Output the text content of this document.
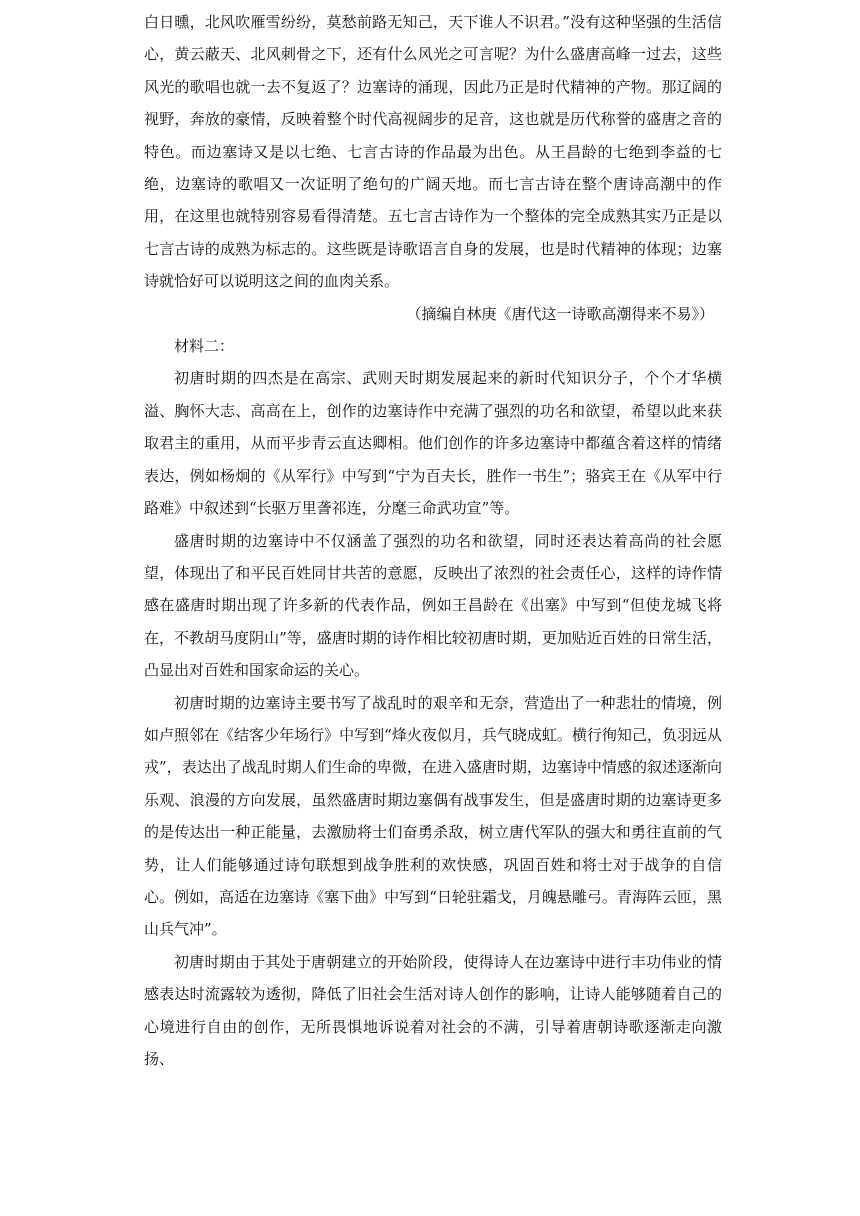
白日曛，北风吹雁雪纷纷，莫愁前路无知己，天下谁人不识君。”没有这种坚强的生活信心，黄云蔽天、北风刺骨之下，还有什么风光之可言呢？为什么盛唐高峰一过去，这些风光的歌唱也就一去不复返了？边塞诗的涌现，因此乃正是时代精神的产物。那辽阔的视野，奔放的豪情，反映着整个时代高视阔步的足音，这也就是历代称誉的盛唐之音的特色。而边塞诗又是以七绝、七言古诗的作品最为出色。从王昌龄的七绝到李益的七绝，边塞诗的歌唱又一次证明了绝句的广阔天地。而七言古诗在整个唐诗高潮中的作用，在这里也就特别容易看得清楚。五七言古诗作为一个整体的完全成熟其实乃正是以七言古诗的成熟为标志的。这些既是诗歌语言自身的发展，也是时代精神的体现；边塞诗就恰好可以说明这之间的血肉关系。

（摘编自林庚《唐代这一诗歌高潮得来不易》）

材料二：

初唐时期的四杰是在高宗、武则天时期发展起来的新时代知识分子，个个才华横溢、胸怀大志、高高在上，创作的边塞诗作中充满了强烈的功名和欲望，希望以此来获取君主的重用，从而平步青云直达卿相。他们创作的许多边塞诗中都蕴含着这样的情绪表达，例如杨炯的《从军行》中写到“宁为百夫长，胜作一书生”；骆宾王在《从军中行路难》中叙述到“长驱万里詟祁连，分麾三命武功宣”等。

盛唐时期的边塞诗中不仅涵盖了强烈的功名和欲望，同时还表达着高尚的社会愿望，体现出了和平民百姓同甘共苦的意愿，反映出了浓烈的社会责任心，这样的诗作情感在盛唐时期出现了许多新的代表作品，例如王昌龄在《出塞》中写到“但使龙城飞将在，不教胡马度阴山”等，盛唐时期的诗作相比较初唐时期，更加贴近百姓的日常生活，凸显出对百姓和国家命运的关心。

初唐时期的边塞诗主要书写了战乱时的艰辛和无奈，营造出了一种悲壮的情境，例如卢照邻在《结客少年场行》中写到“烽火夜似月，兵气晓成虹。横行徇知己，负羽远从戎”，表达出了战乱时期人们生命的卑微，在进入盛唐时期，边塞诗中情感的叙述逐渐向乐观、浪漫的方向发展，虽然盛唐时期边塞偶有战事发生，但是盛唐时期的边塞诗更多的是传达出一种正能量，去激励将士们奋勇杀敌，树立唐代军队的强大和勇往直前的气势，让人们能够通过诗句联想到战争胜利的欢快感，巩固百姓和将士对于战争的自信心。例如，高适在边塞诗《塞下曲》中写到“日轮驻霜戈，月魄悬雕弓。青海阵云匝，黑山兵气冲”。

初唐时期由于其处于唐朝建立的开始阶段，使得诗人在边塞诗中进行丰功伟业的情感表达时流露较为透彻，降低了旧社会生活对诗人创作的影响，让诗人能够随着自己的心境进行自由的创作，无所畏惧地诉说着对社会的不满，引导着唐朝诗歌逐渐走向激扬、
